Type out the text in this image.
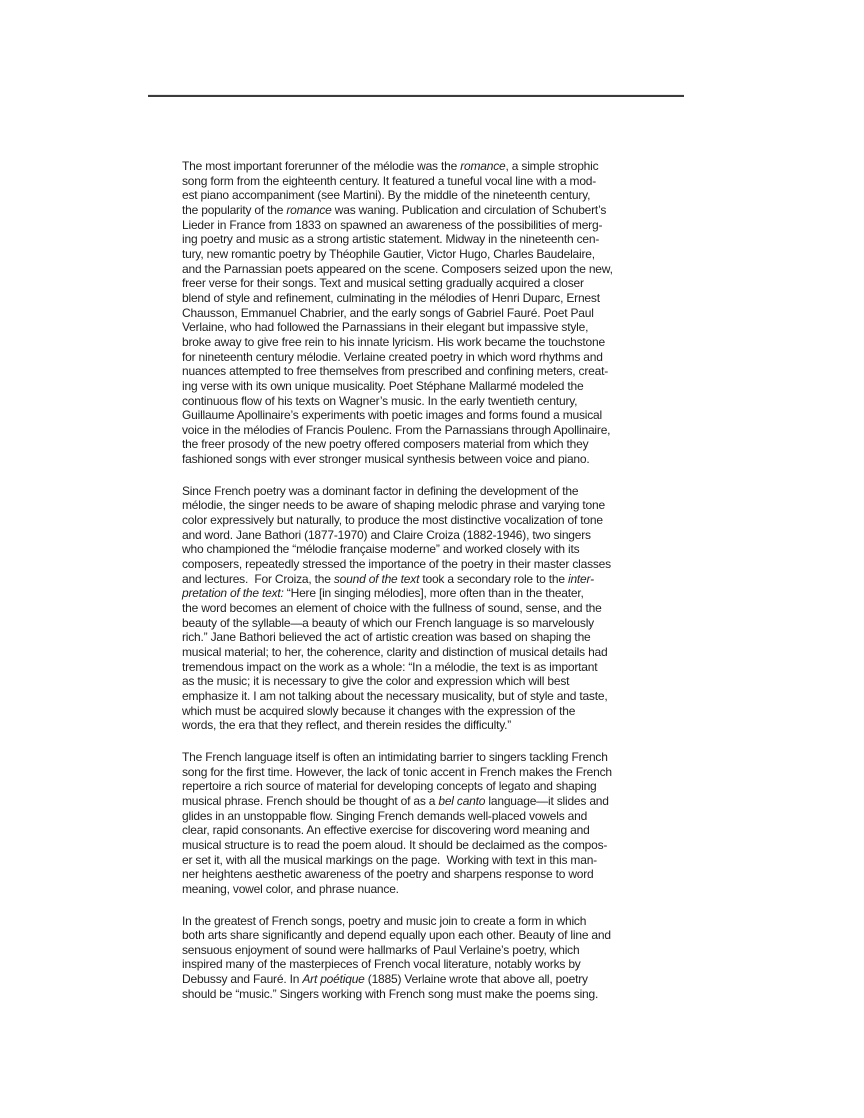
The most important forerunner of the mélodie was the romance, a simple strophic
song form from the eighteenth century. It featured a tuneful vocal line with a mod-
est piano accompaniment (see Martini). By the middle of the nineteenth century,
the popularity of the romance was waning. Publication and circulation of Schubert’s
Lieder in France from 1833 on spawned an awareness of the possibilities of merg-
ing poetry and music as a strong artistic statement. Midway in the nineteenth cen-
tury, new romantic poetry by Théophile Gautier, Victor Hugo, Charles Baudelaire,
and the Parnassian poets appeared on the scene. Composers seized upon the new,
freer verse for their songs. Text and musical setting gradually acquired a closer
blend of style and refinement, culminating in the mélodies of Henri Duparc, Ernest
Chausson, Emmanuel Chabrier, and the early songs of Gabriel Fauré. Poet Paul
Verlaine, who had followed the Parnassians in their elegant but impassive style,
broke away to give free rein to his innate lyricism. His work became the touchstone
for nineteenth century mélodie. Verlaine created poetry in which word rhythms and
nuances attempted to free themselves from prescribed and confining meters, creat-
ing verse with its own unique musicality. Poet Stéphane Mallarmé modeled the
continuous flow of his texts on Wagner’s music. In the early twentieth century,
Guillaume Apollinaire’s experiments with poetic images and forms found a musical
voice in the mélodies of Francis Poulenc. From the Parnassians through Apollinaire,
the freer prosody of the new poetry offered composers material from which they
fashioned songs with ever stronger musical synthesis between voice and piano.

Since French poetry was a dominant factor in defining the development of the
mélodie, the singer needs to be aware of shaping melodic phrase and varying tone
color expressively but naturally, to produce the most distinctive vocalization of tone
and word. Jane Bathori (1877-1970) and Claire Croiza (1882-1946), two singers
who championed the “mélodie française moderne” and worked closely with its
composers, repeatedly stressed the importance of the poetry in their master classes
and lectures.  For Croiza, the sound of the text took a secondary role to the inter-
pretation of the text: “Here [in singing mélodies], more often than in the theater,
the word becomes an element of choice with the fullness of sound, sense, and the
beauty of the syllable—a beauty of which our French language is so marvelously
rich.” Jane Bathori believed the act of artistic creation was based on shaping the
musical material; to her, the coherence, clarity and distinction of musical details had
tremendous impact on the work as a whole: “In a mélodie, the text is as important
as the music; it is necessary to give the color and expression which will best
emphasize it. I am not talking about the necessary musicality, but of style and taste,
which must be acquired slowly because it changes with the expression of the
words, the era that they reflect, and therein resides the difficulty.”

The French language itself is often an intimidating barrier to singers tackling French
song for the first time. However, the lack of tonic accent in French makes the French
repertoire a rich source of material for developing concepts of legato and shaping
musical phrase. French should be thought of as a bel canto language—it slides and
glides in an unstoppable flow. Singing French demands well-placed vowels and
clear, rapid consonants. An effective exercise for discovering word meaning and
musical structure is to read the poem aloud. It should be declaimed as the compos-
er set it, with all the musical markings on the page.  Working with text in this man-
ner heightens aesthetic awareness of the poetry and sharpens response to word
meaning, vowel color, and phrase nuance.

In the greatest of French songs, poetry and music join to create a form in which
both arts share significantly and depend equally upon each other. Beauty of line and
sensuous enjoyment of sound were hallmarks of Paul Verlaine’s poetry, which
inspired many of the masterpieces of French vocal literature, notably works by
Debussy and Fauré. In Art poétique (1885) Verlaine wrote that above all, poetry
should be “music.” Singers working with French song must make the poems sing.
